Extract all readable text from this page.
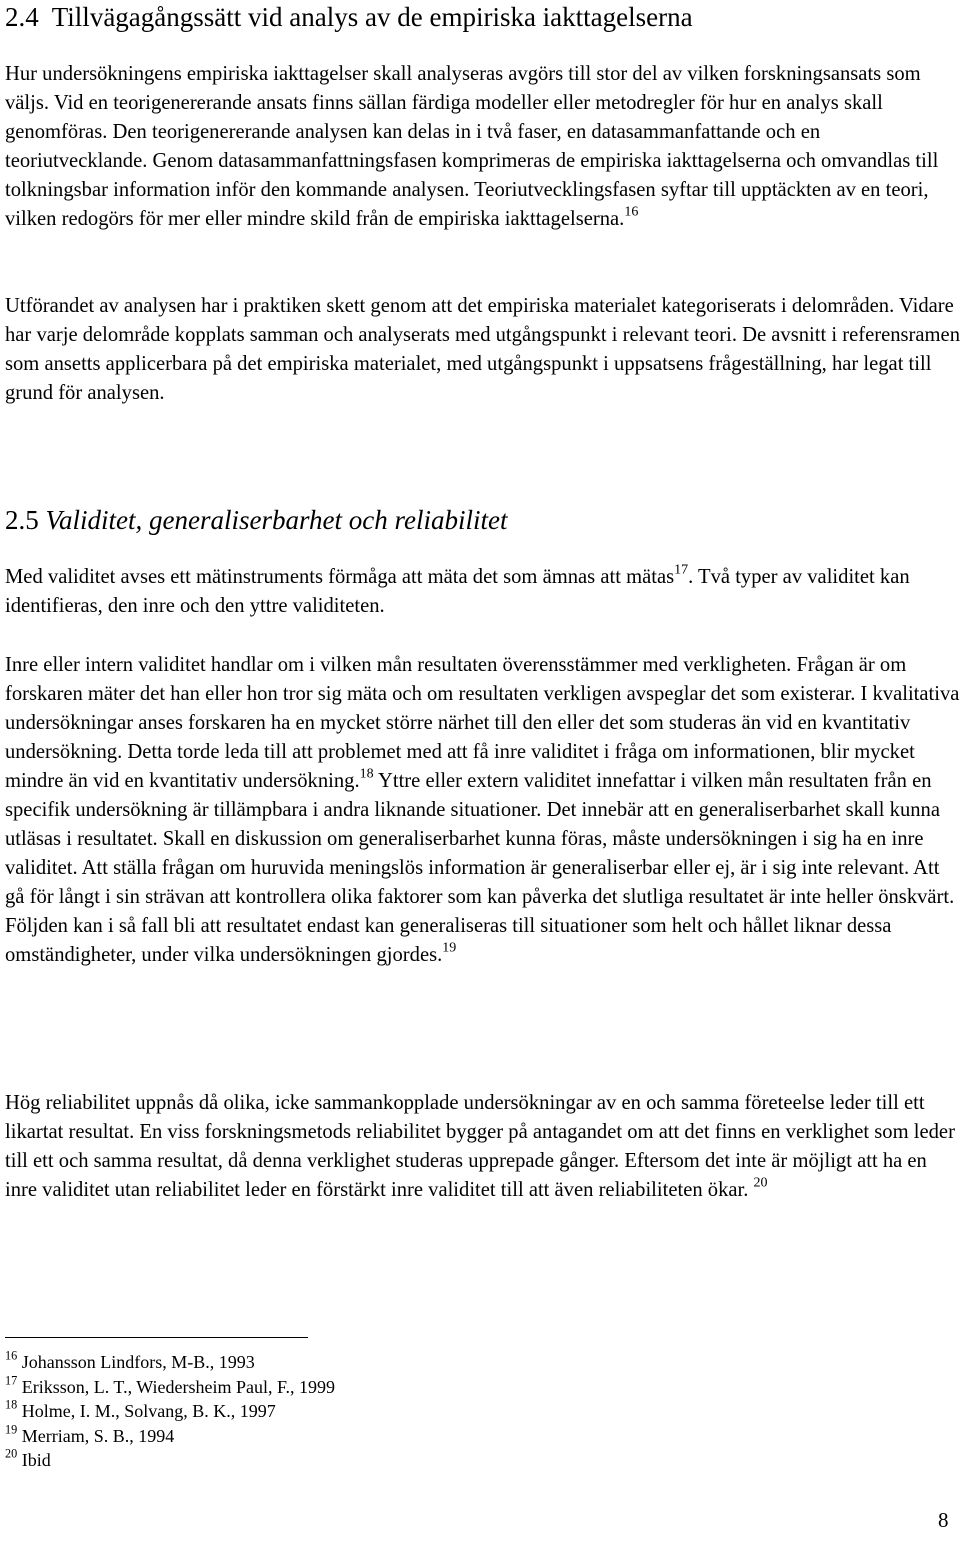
2.4 Tillvägagångssätt vid analys av de empiriska iakttagelserna

Hur undersökningens empiriska iakttagelser skall analyseras avgörs till stor del av vilken forskningsansats som väljs. Vid en teorigenererande ansats finns sällan färdiga modeller eller metodregler för hur en analys skall genomföras. Den teorigenererande analysen kan delas in i två faser, en datasammanfattande och en teoriutvecklande. Genom datasammanfattningsfasen komprimeras de empiriska iakttagelserna och omvandlas till tolkningsbar information inför den kommande analysen. Teoriutvecklingsfasen syftar till upptäckten av en teori, vilken redogörs för mer eller mindre skild från de empiriska iakttagelserna.$^{16}$

Utförandet av analysen har i praktiken skett genom att det empiriska materialet kategoriserats i delområden. Vidare har varje delområde kopplats samman och analyserats med utgångspunkt i relevant teori. De avsnitt i referensramen som ansetts applicerbara på det empiriska materialet, med utgångspunkt i uppsatsens frågeställning, har legat till grund för analysen.

2.5 Validitet, generaliserbarhet och reliabilitet

Med validitet avses ett mätinstruments förmåga att mäta det som ämnas att mätas$^{17}$. Två typer av validitet kan identifieras, den inre och den yttre validiteten.

Inre eller intern validitet handlar om i vilken mån resultaten överensstämmer med verkligheten. Frågan är om forskaren mäter det han eller hon tror sig mäta och om resultaten verkligen avspeglar det som existerar. I kvalitativa undersökningar anses forskaren ha en mycket större närhet till den eller det som studeras än vid en kvantitativ undersökning. Detta torde leda till att problemet med att få inre validitet i fråga om informationen, blir mycket mindre än vid en kvantitativ undersökning.$^{18}$ Yttre eller extern validitet innefattar i vilken mån resultaten från en specifik undersökning är tillämpbara i andra liknande situationer. Det innebär att en generaliserbarhet skall kunna utläsas i resultatet. Skall en diskussion om generaliserbarhet kunna föras, måste undersökningen i sig ha en inre validitet. Att ställa frågan om huruvida meningslös information är generaliserbar eller ej, är i sig inte relevant. Att gå för långt i sin strävan att kontrollera olika faktorer som kan påverka det slutliga resultatet är inte heller önskvärt. Följden kan i så fall bli att resultatet endast kan generaliseras till situationer som helt och hållet liknar dessa omständigheter, under vilka undersökningen gjordes.$^{19}$

Hög reliabilitet uppnås då olika, icke sammankopplade undersökningar av en och samma företeelse leder till ett likartat resultat. En viss forskningsmetods reliabilitet bygger på antagandet om att det finns en verklighet som leder till ett och samma resultat, då denna verklighet studeras upprepade gånger. Eftersom det inte är möjligt att ha en inre validitet utan reliabilitet leder en förstärkt inre validitet till att även reliabiliteten ökar. $^{20}$

$^{16}$ Johansson Lindfors, M-B., 1993
$^{17}$ Eriksson, L. T., Wiedersheim Paul, F., 1999
$^{18}$ Holme, I. M., Solvang, B. K., 1997
$^{19}$ Merriam, S. B., 1994
$^{20}$ Ibid
8
